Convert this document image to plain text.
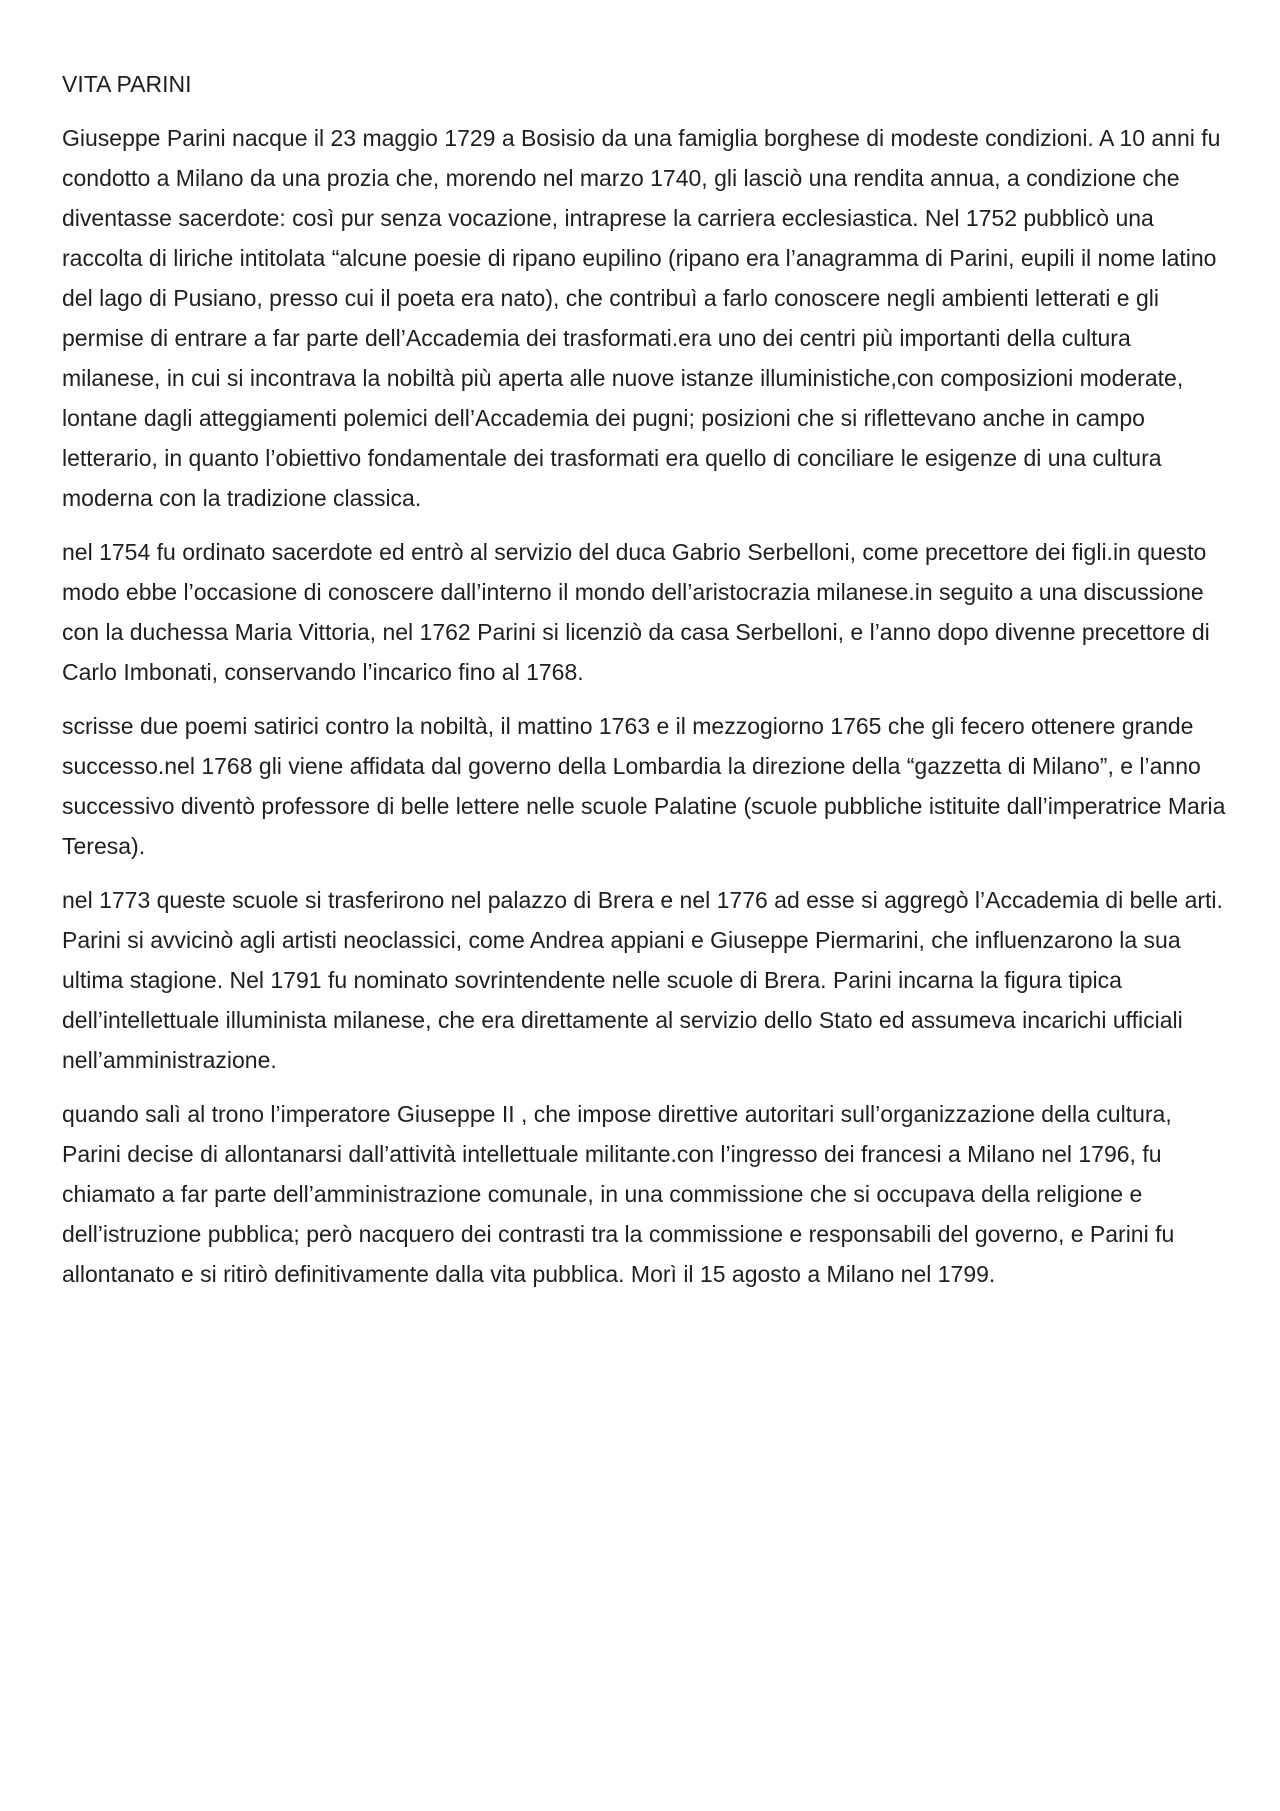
VITA PARINI

Giuseppe Parini nacque il 23 maggio 1729 a Bosisio da una famiglia borghese di modeste condizioni. A 10 anni fu condotto a Milano da una prozia che, morendo nel marzo 1740, gli lasciò una rendita annua, a condizione che diventasse sacerdote: così pur senza vocazione, intraprese la carriera ecclesiastica. Nel 1752 pubblicò una raccolta di liriche intitolata “alcune poesie di ripano eupilino (ripano era l’anagramma di Parini, eupili il nome latino del lago di Pusiano, presso cui il poeta era nato), che contribuì a farlo conoscere negli ambienti letterati e gli permise di entrare a far parte dell’Accademia dei trasformati.era uno dei centri più importanti della cultura milanese, in cui si incontrava la nobiltà più aperta alle nuove istanze illuministiche,con composizioni moderate, lontane dagli atteggiamenti polemici dell’Accademia dei pugni; posizioni che si riflettevano anche in campo letterario, in quanto l’obiettivo fondamentale dei trasformati era quello di conciliare le esigenze di una cultura moderna con la tradizione classica.

nel 1754 fu ordinato sacerdote ed entrò al servizio del duca Gabrio Serbelloni, come precettore dei figli.in questo modo ebbe l’occasione di conoscere dall’interno il mondo dell’aristocrazia milanese.in seguito a una discussione con la duchessa Maria Vittoria, nel 1762 Parini si licenziò da casa Serbelloni, e l’anno dopo divenne precettore di Carlo Imbonati, conservando l’incarico fino al 1768.

scrisse due poemi satirici contro la nobiltà, il mattino 1763 e il mezzogiorno 1765 che gli fecero ottenere grande successo.nel 1768 gli viene affidata dal governo della Lombardia la direzione della “gazzetta di Milano”, e l’anno successivo diventò professore di belle lettere nelle scuole Palatine (scuole pubbliche istituite dall’imperatrice Maria Teresa).

nel 1773 queste scuole si trasferirono nel palazzo di Brera e nel 1776 ad esse si aggregò l’Accademia di belle arti. Parini si avvicinò agli artisti neoclassici, come Andrea appiani e Giuseppe Piermarini, che influenzarono la sua ultima stagione. Nel 1791 fu nominato sovrintendente nelle scuole di Brera. Parini incarna la figura tipica dell’intellettuale illuminista milanese, che era direttamente al servizio dello Stato ed assumeva incarichi ufficiali nell’amministrazione.

quando salì al trono l’imperatore Giuseppe II , che impose direttive autoritari sull’organizzazione della cultura, Parini decise di allontanarsi dall’attività intellettuale militante.con l’ingresso dei francesi a Milano nel 1796, fu chiamato a far parte dell’amministrazione comunale, in una commissione che si occupava della religione e dell’istruzione pubblica; però nacquero dei contrasti tra la commissione e responsabili del governo, e Parini fu allontanato e si ritirò definitivamente dalla vita pubblica. Morì il 15 agosto a Milano nel 1799.
